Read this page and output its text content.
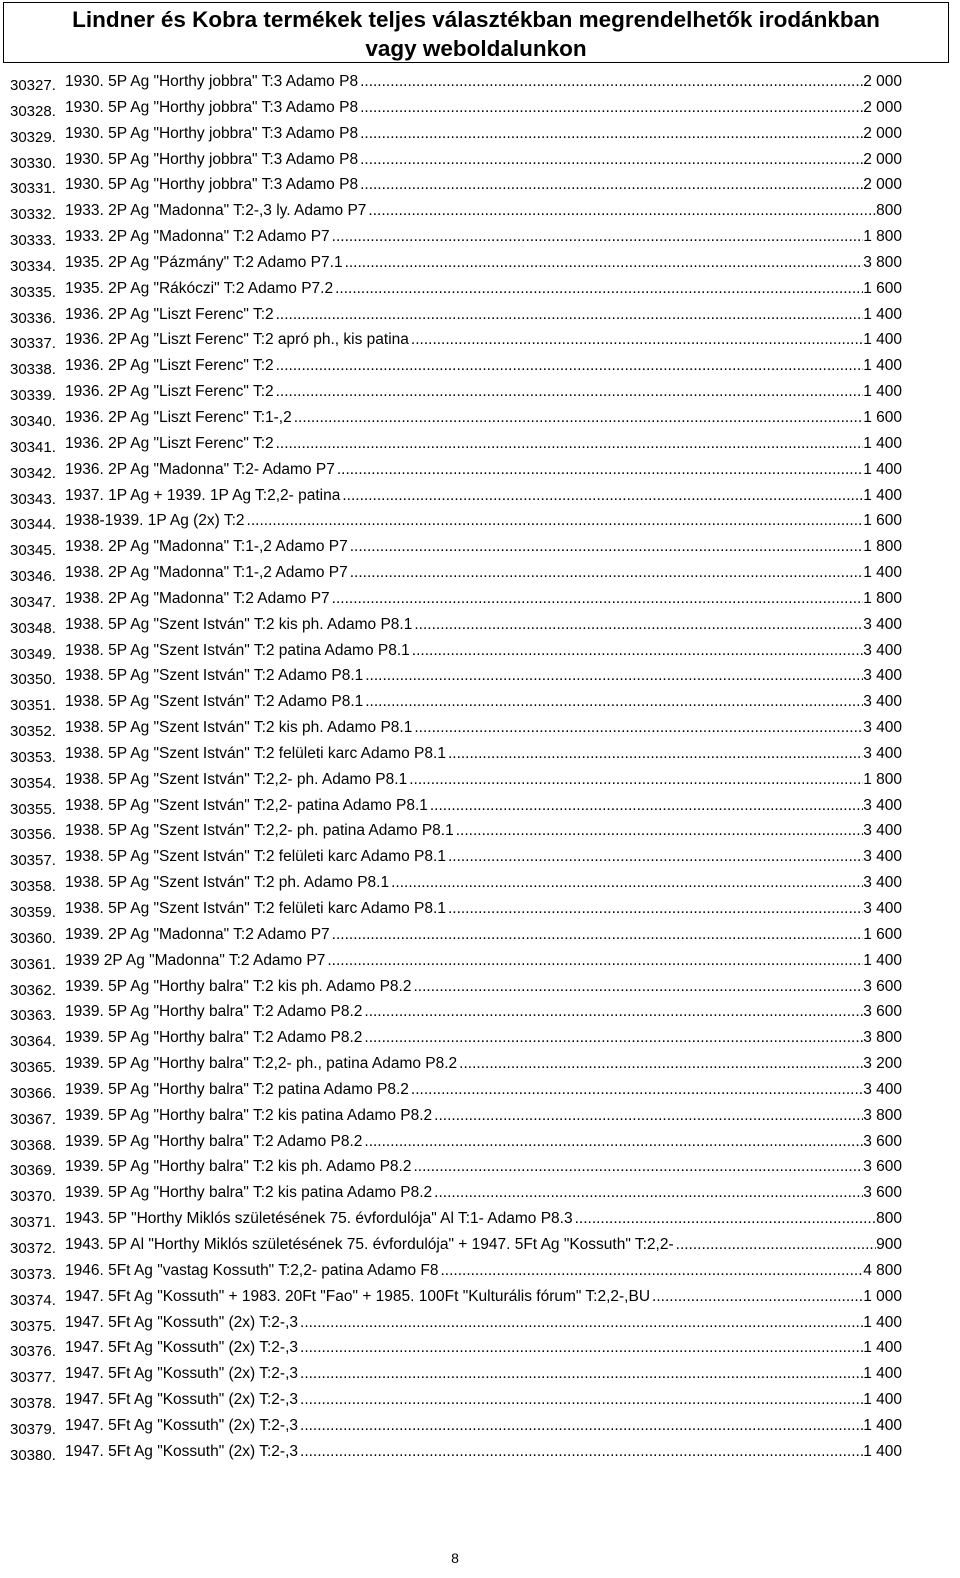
Lindner és Kobra termékek teljes választékban megrendelhetők irodánkban
vagy weboldalunkon
30327. 1930. 5P Ag "Horthy jobbra" T:3 Adamo P8 .....	2 000
30328. 1930. 5P Ag "Horthy jobbra" T:3 Adamo P8 .....	2 000
30329. 1930. 5P Ag "Horthy jobbra" T:3 Adamo P8 .....	2 000
30330. 1930. 5P Ag "Horthy jobbra" T:3 Adamo P8 .....	2 000
30331. 1930. 5P Ag "Horthy jobbra" T:3 Adamo P8 .....	2 000
30332. 1933. 2P Ag "Madonna" T:2-,3 ly. Adamo P7 .....	800
30333. 1933. 2P Ag "Madonna" T:2 Adamo P7 .....	1 800
30334. 1935. 2P Ag "Pázmány" T:2 Adamo P7.1 .....	3 800
30335. 1935. 2P Ag "Rákóczi" T:2 Adamo P7.2 .....	1 600
30336. 1936. 2P Ag "Liszt Ferenc" T:2 .....	1 400
30337. 1936. 2P Ag "Liszt Ferenc" T:2 apró ph., kis patina .....	1 400
30338. 1936. 2P Ag "Liszt Ferenc" T:2 .....	1 400
30339. 1936. 2P Ag "Liszt Ferenc" T:2 .....	1 400
30340. 1936. 2P Ag "Liszt Ferenc" T:1-,2 .....	1 600
30341. 1936. 2P Ag "Liszt Ferenc" T:2 .....	1 400
30342. 1936. 2P Ag "Madonna" T:2- Adamo P7 .....	1 400
30343. 1937. 1P Ag + 1939. 1P Ag T:2,2- patina .....	1 400
30344. 1938-1939. 1P Ag (2x) T:2 .....	1 600
30345. 1938. 2P Ag "Madonna" T:1-,2 Adamo P7 .....	1 800
30346. 1938. 2P Ag "Madonna" T:1-,2 Adamo P7 .....	1 400
30347. 1938. 2P Ag "Madonna" T:2 Adamo P7 .....	1 800
30348. 1938. 5P Ag "Szent István" T:2 kis ph. Adamo P8.1 .....	3 400
30349. 1938. 5P Ag "Szent István" T:2 patina Adamo P8.1 .....	3 400
30350. 1938. 5P Ag "Szent István" T:2 Adamo P8.1 .....	3 400
30351. 1938. 5P Ag "Szent István" T:2 Adamo P8.1 .....	3 400
30352. 1938. 5P Ag "Szent István" T:2 kis ph. Adamo P8.1 .....	3 400
30353. 1938. 5P Ag "Szent István" T:2 felületi karc Adamo P8.1 .....	3 400
30354. 1938. 5P Ag "Szent István" T:2,2- ph. Adamo P8.1 .....	1 800
30355. 1938. 5P Ag "Szent István" T:2,2- patina Adamo P8.1 .....	3 400
30356. 1938. 5P Ag "Szent István" T:2,2- ph. patina Adamo P8.1 .....	3 400
30357. 1938. 5P Ag "Szent István" T:2 felületi karc Adamo P8.1 .....	3 400
30358. 1938. 5P Ag "Szent István" T:2 ph. Adamo P8.1 .....	3 400
30359. 1938. 5P Ag "Szent István" T:2 felületi karc Adamo P8.1 .....	3 400
30360. 1939. 2P Ag "Madonna" T:2 Adamo P7 .....	1 600
30361. 1939 2P Ag "Madonna" T:2 Adamo P7 .....	1 400
30362. 1939. 5P Ag "Horthy balra" T:2 kis ph. Adamo P8.2 .....	3 600
30363. 1939. 5P Ag "Horthy balra" T:2 Adamo P8.2 .....	3 600
30364. 1939. 5P Ag "Horthy balra" T:2 Adamo P8.2 .....	3 800
30365. 1939. 5P Ag "Horthy balra" T:2,2- ph., patina Adamo P8.2 .....	3 200
30366. 1939. 5P Ag "Horthy balra" T:2 patina Adamo P8.2 .....	3 400
30367. 1939. 5P Ag "Horthy balra" T:2 kis patina Adamo P8.2 .....	3 800
30368. 1939. 5P Ag "Horthy balra" T:2 Adamo P8.2 .....	3 600
30369. 1939. 5P Ag "Horthy balra" T:2 kis ph. Adamo P8.2 .....	3 600
30370. 1939. 5P Ag "Horthy balra" T:2 kis patina Adamo P8.2 .....	3 600
30371. 1943. 5P "Horthy Miklós születésének 75. évfordulója" Al T:1- Adamo P8.3 .....	800
30372. 1943. 5P Al "Horthy Miklós születésének 75. évfordulója" + 1947. 5Ft Ag "Kossuth" T:2,2- .....	900
30373. 1946. 5Ft Ag "vastag Kossuth" T:2,2- patina Adamo F8 .....	4 800
30374. 1947. 5Ft Ag "Kossuth" + 1983. 20Ft "Fao" + 1985. 100Ft "Kulturális fórum" T:2,2-,BU .....	1 000
30375. 1947. 5Ft Ag "Kossuth" (2x) T:2-,3 .....	1 400
30376. 1947. 5Ft Ag "Kossuth" (2x) T:2-,3 .....	1 400
30377. 1947. 5Ft Ag "Kossuth" (2x) T:2-,3 .....	1 400
30378. 1947. 5Ft Ag "Kossuth" (2x) T:2-,3 .....	1 400
30379. 1947. 5Ft Ag "Kossuth" (2x) T:2-,3 .....	1 400
30380. 1947. 5Ft Ag "Kossuth" (2x) T:2-,3 .....	1 400
8
